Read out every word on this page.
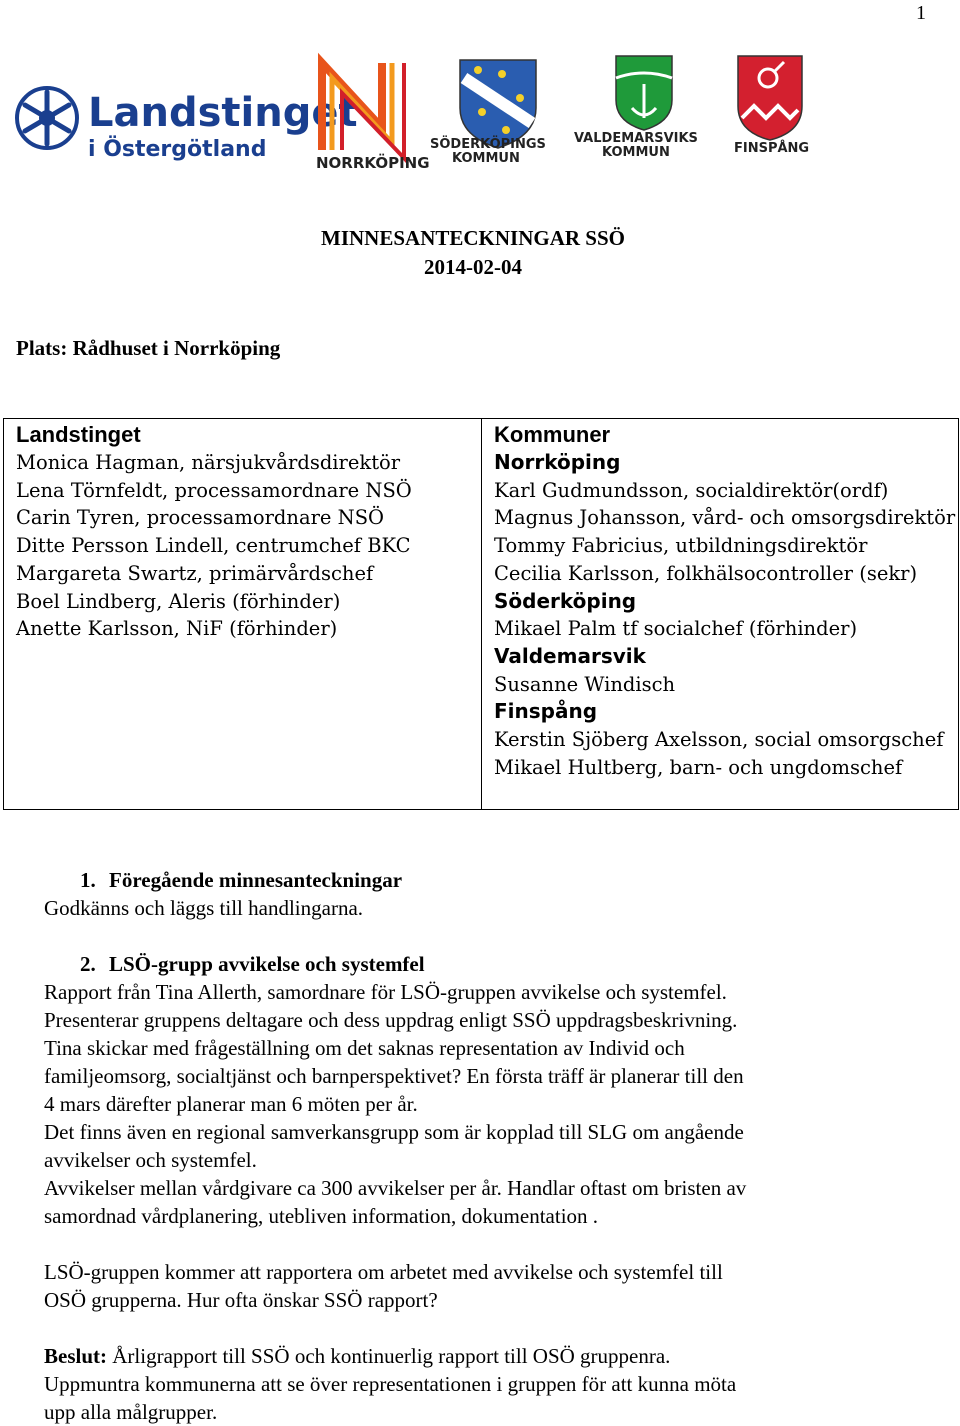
1
Landstinget
i Östergötland
NORRKÖPING
SÖDERKÖPINGS
KOMMUN
VALDEMARSVIKS
KOMMUN	FINSPÅNG
MINNESANTECKNINGAR SSÖ
2014-02-04
Plats: Rådhuset i Norrköping
Landstinget
Monica Hagman, närsjukvårdsdirektör
Lena Törnfeldt, processamordnare NSÖ
Carin Tyren, processamordnare NSÖ
Ditte Persson Lindell, centrumchef BKC
Margareta Swartz, primärvårdschef
Boel Lindberg, Aleris (förhinder)
Anette Karlsson, NiF (förhinder)

Kommuner
Norrköping
Karl Gudmundsson, socialdirektör(ordf)
Magnus Johansson, vård- och omsorgsdirektör
Tommy Fabricius, utbildningsdirektör
Cecilia Karlsson, folkhälsocontroller (sekr)
Söderköping
Mikael Palm tf socialchef (förhinder)
Valdemarsvik
Susanne Windisch
Finspång
Kerstin Sjöberg Axelsson, social omsorgschef
Mikael Hultberg, barn- och ungdomschef
1. Föregående minnesanteckningar
Godkänns och läggs till handlingarna.
2. LSÖ-grupp avvikelse och systemfel
Rapport från Tina Allerth, samordnare för LSÖ-gruppen avvikelse och systemfel.
Presenterar gruppens deltagare och dess uppdrag enligt SSÖ uppdragsbeskrivning.
Tina skickar med frågeställning om det saknas representation av Individ och
familjeomsorg, socialtjänst och barnperspektivet? En första träff är planerar till den
4 mars därefter planerar man 6 möten per år.
Det finns även en regional samverkansgrupp som är kopplad till SLG om angående
avvikelser och systemfel.
Avvikelser mellan vårdgivare ca 300 avvikelser per år. Handlar oftast om bristen av
samordnad vårdplanering, utebliven information, dokumentation .
LSÖ-gruppen kommer att rapportera om arbetet med avvikelse och systemfel till
OSÖ grupperna. Hur ofta önskar SSÖ rapport?
Beslut: Årligrapport till SSÖ och kontinuerlig rapport till OSÖ gruppenra.
Uppmuntra kommunerna att se över representationen i gruppen för att kunna möta
upp alla målgrupper.
